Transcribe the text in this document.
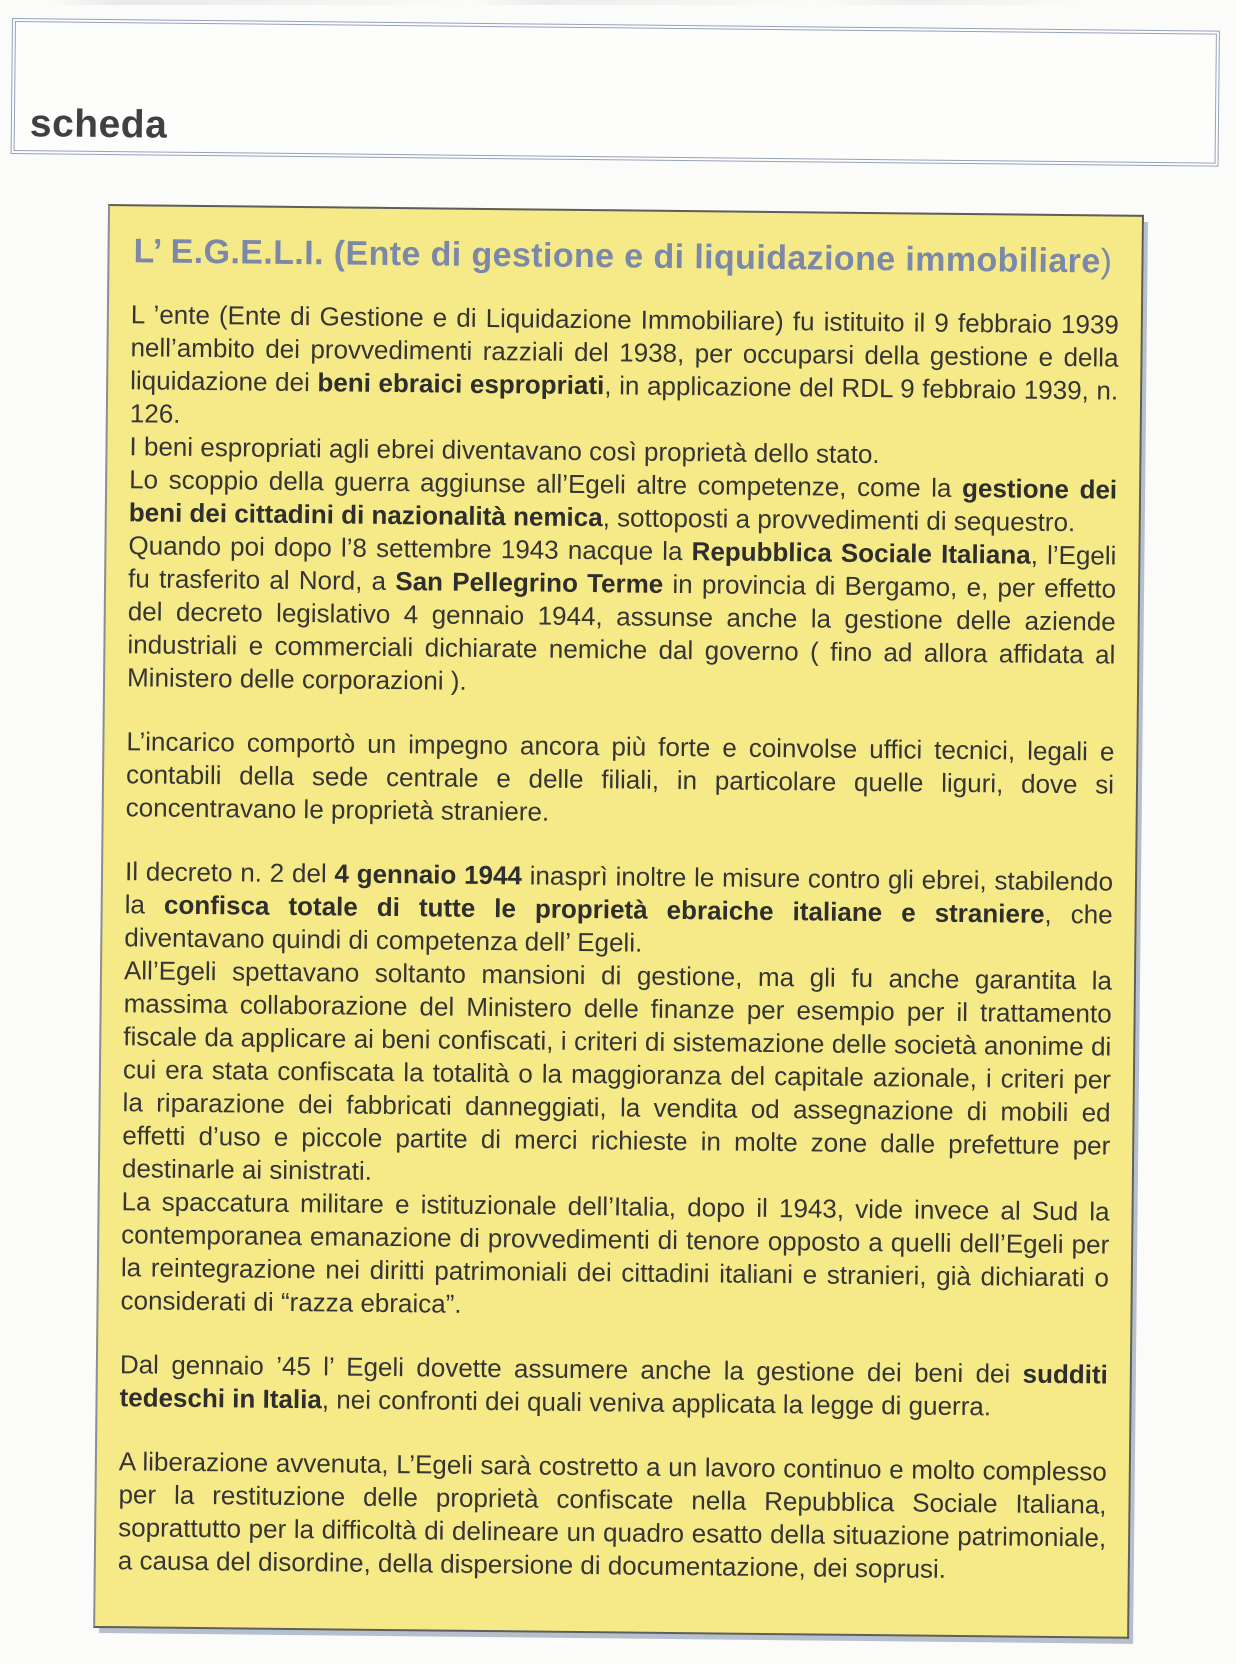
scheda
L’ E.G.E.L.I. (Ente di gestione e di liquidazione immobiliare)

L ’ente (Ente di Gestione e di Liquidazione Immobiliare) fu istituito il 9 febbraio 1939 nell’ambito dei provvedimenti razziali del 1938, per occuparsi della gestione e della liquidazione dei beni ebraici espropriati, in applicazione del RDL 9 febbraio 1939, n. 126.

I beni espropriati agli ebrei diventavano così proprietà dello stato.

Lo scoppio della guerra aggiunse all’Egeli altre competenze, come la gestione dei beni dei cittadini di nazionalità nemica, sottoposti a provvedimenti di sequestro.

Quando poi dopo l’8 settembre 1943 nacque la Repubblica Sociale Italiana, l’Egeli fu trasferito al Nord, a San Pellegrino Terme in provincia di Bergamo, e, per effetto del decreto legislativo 4 gennaio 1944, assunse anche la gestione delle aziende industriali e commerciali dichiarate nemiche dal governo ( fino ad allora affidata al Ministero delle corporazioni ).

L’incarico comportò un impegno ancora più forte e coinvolse uffici tecnici, legali e contabili della sede centrale e delle filiali, in particolare quelle liguri, dove si concentravano le proprietà straniere.

Il decreto n. 2 del 4 gennaio 1944 inasprì inoltre le misure contro gli ebrei, stabilendo la confisca totale di tutte le proprietà ebraiche italiane e straniere, che diventavano quindi di competenza dell’ Egeli.

All’Egeli spettavano soltanto mansioni di gestione, ma gli fu anche garantita la massima collaborazione del Ministero delle finanze per esempio per il trattamento fiscale da applicare ai beni confiscati, i criteri di sistemazione delle società anonime di cui era stata confiscata la totalità o la maggioranza del capitale azionale, i criteri per la riparazione dei fabbricati danneggiati, la vendita od assegnazione di mobili ed effetti d’uso e piccole partite di merci richieste in molte zone dalle prefetture per destinarle ai sinistrati.

La spaccatura militare e istituzionale dell’Italia, dopo il 1943, vide invece al Sud la contemporanea emanazione di provvedimenti di tenore opposto a quelli dell’Egeli per la reintegrazione nei diritti patrimoniali dei cittadini italiani e stranieri, già dichiarati o considerati di “razza ebraica”.

Dal gennaio ’45 l’ Egeli dovette assumere anche la gestione dei beni dei sudditi tedeschi in Italia, nei confronti dei quali veniva applicata la legge di guerra.

A liberazione avvenuta, L’Egeli sarà costretto a un lavoro continuo e molto complesso per la restituzione delle proprietà confiscate nella Repubblica Sociale Italiana, soprattutto per la difficoltà di delineare un quadro esatto della situazione patrimoniale, a causa del disordine, della dispersione di documentazione, dei soprusi.
